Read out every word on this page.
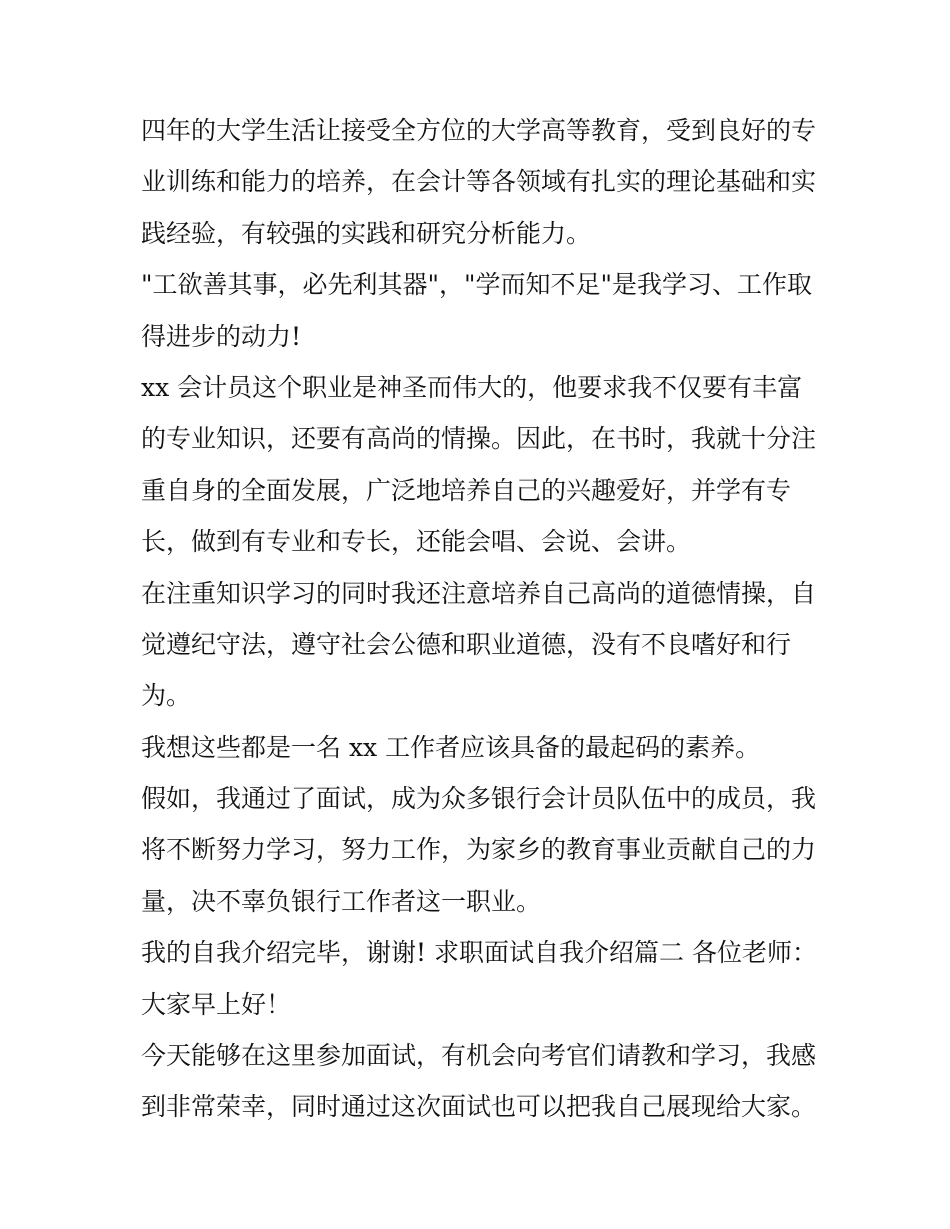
四年的大学生活让接受全方位的大学高等教育，受到良好的专
业训练和能力的培养，在会计等各领域有扎实的理论基础和实
践经验，有较强的实践和研究分析能力。

"工欲善其事，必先利其器"，"学而知不足"是我学习、工作取
得进步的动力!

xx 会计员这个职业是神圣而伟大的，他要求我不仅要有丰富
的专业知识，还要有高尚的情操。因此，在书时，我就十分注
重自身的全面发展，广泛地培养自己的兴趣爱好，并学有专
长，做到有专业和专长，还能会唱、会说、会讲。

在注重知识学习的同时我还注意培养自己高尚的道德情操，自
觉遵纪守法，遵守社会公德和职业道德，没有不良嗜好和行
为。

我想这些都是一名 xx 工作者应该具备的最起码的素养。

假如，我通过了面试，成为众多银行会计员队伍中的成员，我
将不断努力学习，努力工作，为家乡的教育事业贡献自己的力
量，决不辜负银行工作者这一职业。

我的自我介绍完毕，谢谢! 求职面试自我介绍篇二 各位老师：
大家早上好！

今天能够在这里参加面试，有机会向考官们请教和学习，我感
到非常荣幸，同时通过这次面试也可以把我自己展现给大家。
